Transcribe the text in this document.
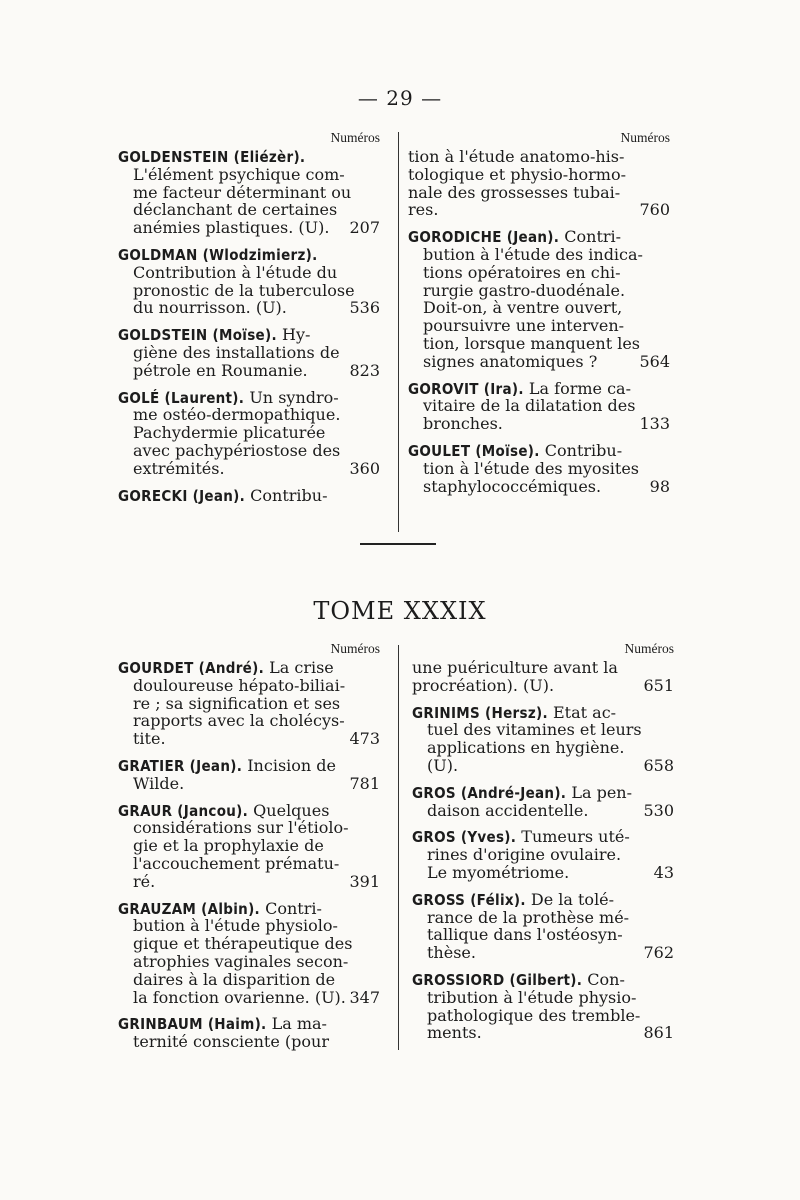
— 29 —
Numéros
GOLDENSTEIN (Eliézèr).
L'élément psychique com-
me facteur déterminant ou
déclanchant de certaines
anémies plastiques. (U). 207
GOLDMAN (Wlodzimierz).
Contribution à l'étude du
pronostic de la tuberculose
du nourrisson. (U).	536
GOLDSTEIN (Moïse). Hy-
giène des installations de
pétrole en Roumanie.	823
GOLÉ (Laurent). Un syndro-
me ostéo-dermopathique.
Pachydermie plicaturée
avec pachypériostose des
extrémités.	360
GORECKI (Jean). Contribu-
Numéros
tion à l'étude anatomo-his-
tologique et physio-hormo-
nale des grossesses tubai-
res.	760
GORODICHE (Jean). Contri-
bution à l'étude des indica-
tions opératoires en chi-
rurgie gastro-duodénale.
Doit-on, à ventre ouvert,
poursuivre une interven-
tion, lorsque manquent les
signes anatomiques ?	564
GOROVIT (Ira). La forme ca-
vitaire de la dilatation des
bronches.	133
GOULET (Moïse). Contribu-
tion à l'étude des myosites
staphylococcémiques.	98
TOME XXXIX
Numéros
GOURDET (André). La crise
douloureuse hépato-biliai-
re ; sa signification et ses
rapports avec la cholécys-
tite.	473
GRATIER (Jean). Incision de
Wilde.	781
GRAUR (Jancou). Quelques
considérations sur l'étiolo-
gie et la prophylaxie de
l'accouchement prématu-
ré.	391
GRAUZAM (Albin). Contri-
bution à l'étude physiolo-
gique et thérapeutique des
atrophies vaginales secon-
daires à la disparition de
la fonction ovarienne. (U). 347
GRINBAUM (Haim). La ma-
ternité consciente (pour
Numéros
une puériculture avant la
procréation). (U).	651
GRINIMS (Hersz). Etat ac-
tuel des vitamines et leurs
applications en hygiène.
(U).	658
GROS (André-Jean). La pen-
daison accidentelle.	530
GROS (Yves). Tumeurs uté-
rines d'origine ovulaire.
Le myométriome.	43
GROSS (Félix). De la tolé-
rance de la prothèse mé-
tallique dans l'ostéosyn-
thèse.	762
GROSSIORD (Gilbert). Con-
tribution à l'étude physio-
pathologique des tremble-
ments.	861
